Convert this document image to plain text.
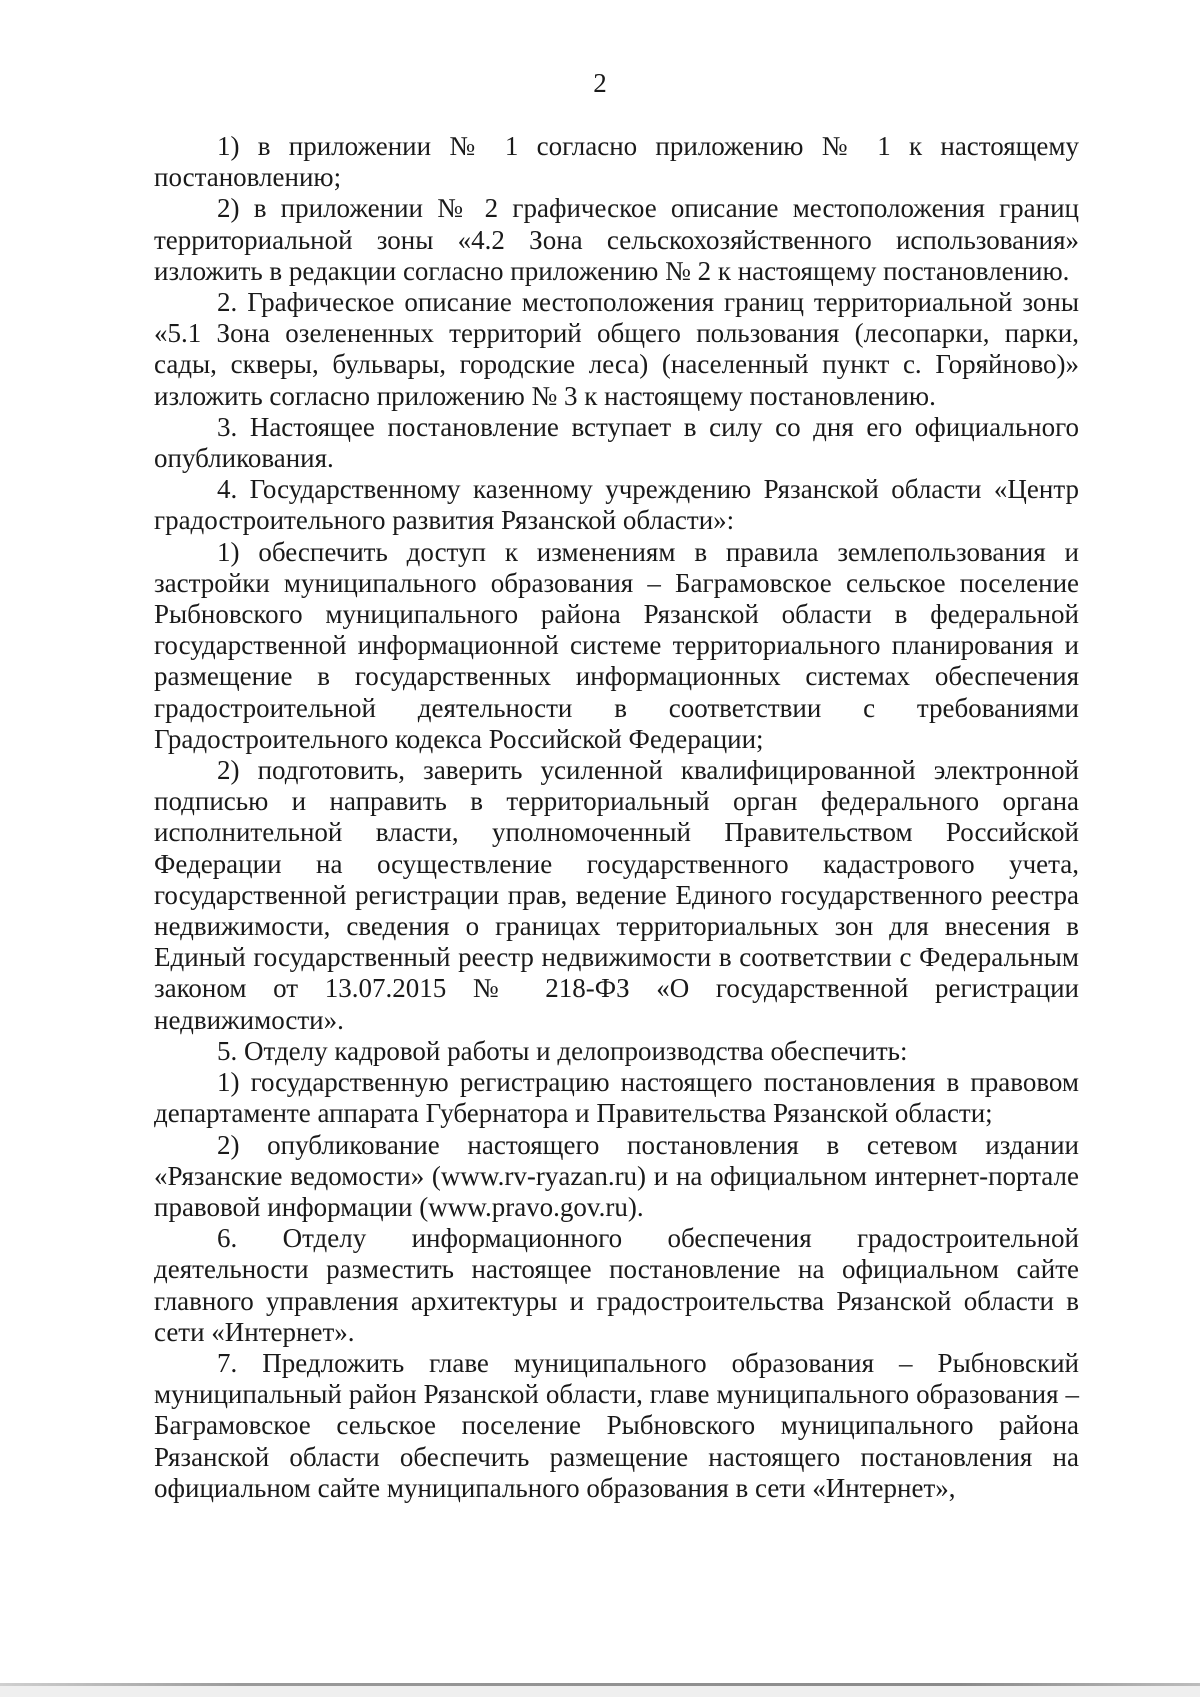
2

1) в приложении № 1 согласно приложению № 1 к настоящему постановлению;

2) в приложении № 2 графическое описание местоположения границ территориальной зоны «4.2 Зона сельскохозяйственного использования» изложить в редакции согласно приложению № 2 к настоящему постановлению.

2. Графическое описание местоположения границ территориальной зоны «5.1 Зона озелененных территорий общего пользования (лесопарки, парки, сады, скверы, бульвары, городские леса) (населенный пункт с. Горяйново)» изложить согласно приложению № 3 к настоящему постановлению.

3. Настоящее постановление вступает в силу со дня его официального опубликования.

4. Государственному казенному учреждению Рязанской области «Центр градостроительного развития Рязанской области»:

1) обеспечить доступ к изменениям в правила землепользования и застройки муниципального образования – Баграмовское сельское поселение Рыбновского муниципального района Рязанской области в федеральной государственной информационной системе территориального планирования и размещение в государственных информационных системах обеспечения градостроительной деятельности в соответствии с требованиями Градостроительного кодекса Российской Федерации;

2) подготовить, заверить усиленной квалифицированной электронной подписью и направить в территориальный орган федерального органа исполнительной власти, уполномоченный Правительством Российской Федерации на осуществление государственного кадастрового учета, государственной регистрации прав, ведение Единого государственного реестра недвижимости, сведения о границах территориальных зон для внесения в Единый государственный реестр недвижимости в соответствии с Федеральным законом от 13.07.2015 № 218-ФЗ «О государственной регистрации недвижимости».

5. Отделу кадровой работы и делопроизводства обеспечить:

1) государственную регистрацию настоящего постановления в правовом департаменте аппарата Губернатора и Правительства Рязанской области;

2) опубликование настоящего постановления в сетевом издании «Рязанские ведомости» (www.rv-ryazan.ru) и на официальном интернет-портале правовой информации (www.pravo.gov.ru).

6. Отделу информационного обеспечения градостроительной деятельности разместить настоящее постановление на официальном сайте главного управления архитектуры и градостроительства Рязанской области в сети «Интернет».

7. Предложить главе муниципального образования – Рыбновский муниципальный район Рязанской области, главе муниципального образования – Баграмовское сельское поселение Рыбновского муниципального района Рязанской области обеспечить размещение настоящего постановления на официальном сайте муниципального образования в сети «Интернет»,
